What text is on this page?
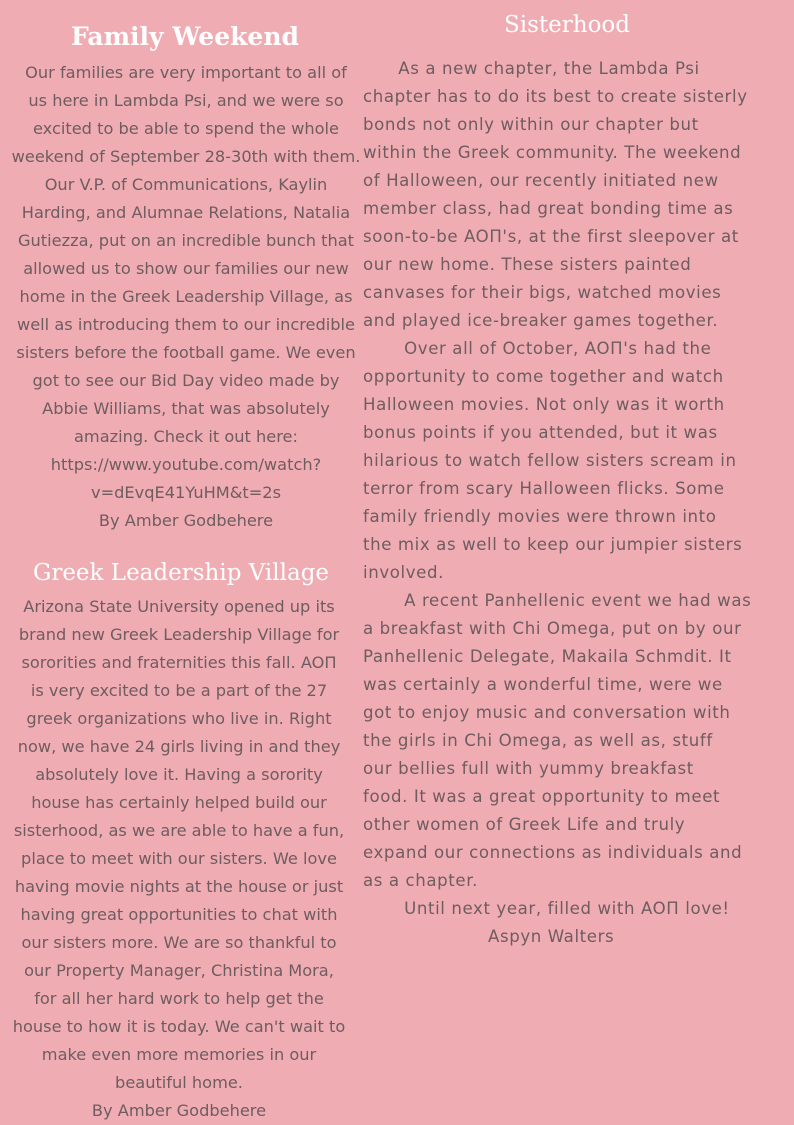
Family Weekend
Our families are very important to all of
us here in Lambda Psi, and we were so
excited to be able to spend the whole
weekend of September 28-30th with them.
Our V.P. of Communications, Kaylin
Harding, and Alumnae Relations, Natalia
Gutiezza, put on an incredible bunch that
allowed us to show our families our new
home in the Greek Leadership Village, as
well as introducing them to our incredible
sisters before the football game. We even
got to see our Bid Day video made by
Abbie Williams, that was absolutely
amazing. Check it out here:
https://www.youtube.com/watch?
v=dEvqE41YuHM&t=2s
By Amber Godbehere
Greek Leadership Village
Arizona State University opened up its
brand new Greek Leadership Village for
sororities and fraternities this fall. AOΠ
is very excited to be a part of the 27
greek organizations who live in. Right
now, we have 24 girls living in and they
absolutely love it. Having a sorority
house has certainly helped build our
sisterhood, as we are able to have a fun,
place to meet with our sisters. We love
having movie nights at the house or just
having great opportunities to chat with
our sisters more. We are so thankful to
our Property Manager, Christina Mora,
for all her hard work to help get the
house to how it is today. We can't wait to
make even more memories in our
beautiful home.
By Amber Godbehere
Sisterhood
As a new chapter, the Lambda Psi
chapter has to do its best to create sisterly
bonds not only within our chapter but
within the Greek community. The weekend
of Halloween, our recently initiated new
member class, had great bonding time as
soon-to-be AOΠ's, at the first sleepover at
our new home. These sisters painted
canvases for their bigs, watched movies
and played ice-breaker games together.
Over all of October, AOΠ's had the
opportunity to come together and watch
Halloween movies. Not only was it worth
bonus points if you attended, but it was
hilarious to watch fellow sisters scream in
terror from scary Halloween flicks. Some
family friendly movies were thrown into
the mix as well to keep our jumpier sisters
involved.
A recent Panhellenic event we had was
a breakfast with Chi Omega, put on by our
Panhellenic Delegate, Makaila Schmdit. It
was certainly a wonderful time, were we
got to enjoy music and conversation with
the girls in Chi Omega, as well as, stuff
our bellies full with yummy breakfast
food. It was a great opportunity to meet
other women of Greek Life and truly
expand our connections as individuals and
as a chapter.
Until next year, filled with AOΠ love!
Aspyn Walters
